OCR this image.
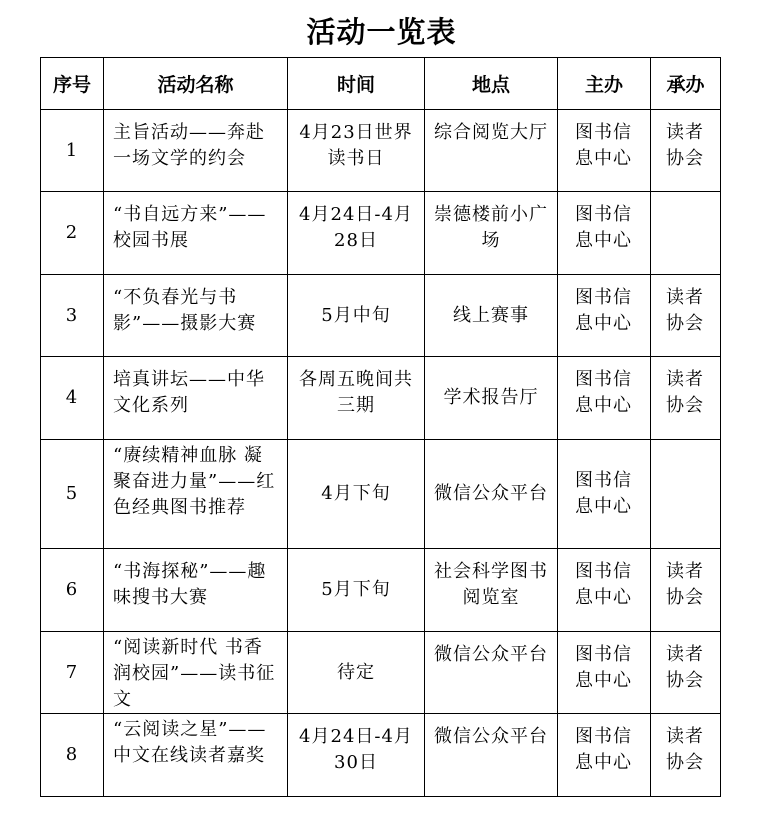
活动一览表
序号	活动名称	时间	地点	主办	承办
1	主旨活动——奔赴一场文学的约会	4月23日世界读书日	综合阅览大厅	图书信息中心	读者协会
2	“书自远方来”——校园书展	4月24日-4月28日	崇德楼前小广场	图书信息中心	
3	“不负春光与书影”——摄影大赛	5月中旬	线上赛事	图书信息中心	读者协会
4	培真讲坛——中华文化系列	各周五晚间共三期	学术报告厅	图书信息中心	读者协会
5	“赓续精神血脉 凝聚奋进力量”——红色经典图书推荐	4月下旬	微信公众平台	图书信息中心	
6	“书海探秘”——趣味搜书大赛	5月下旬	社会科学图书阅览室	图书信息中心	读者协会
7	“阅读新时代 书香润校园”——读书征文	待定	微信公众平台	图书信息中心	读者协会
8	“云阅读之星”——中文在线读者嘉奖	4月24日-4月30日	微信公众平台	图书信息中心	读者协会
